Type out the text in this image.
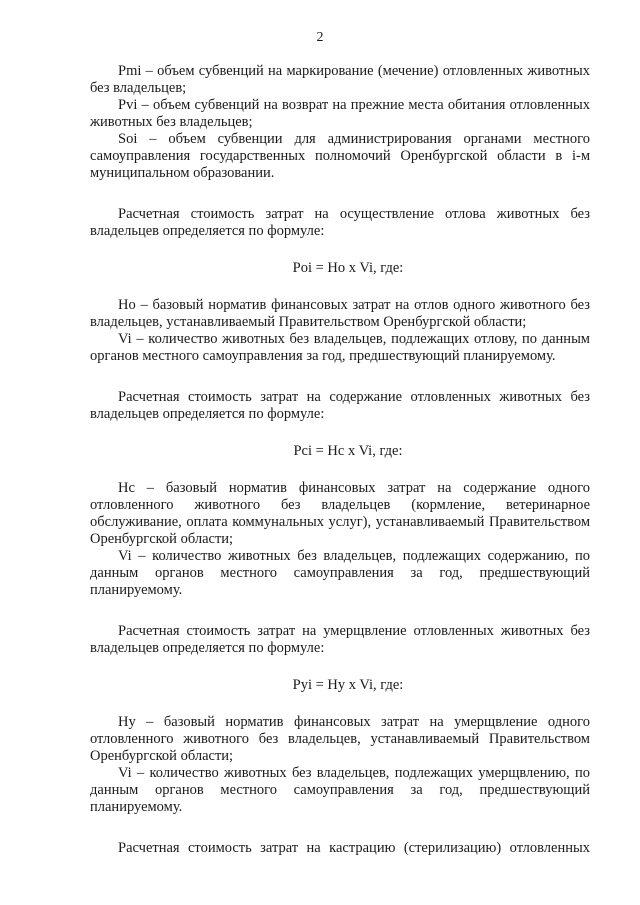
2

Pmi – объем субвенций на маркирование (мечение) отловленных животных без владельцев;

Pvi – объем субвенций на возврат на прежние места обитания отловленных животных без владельцев;

Soi – объем субвенции для администрирования органами местного самоуправления государственных полномочий Оренбургской области в i-м муниципальном образовании.

Расчетная стоимость затрат на осуществление отлова животных без владельцев определяется по формуле:

Poi = Ho x Vi, где:

Ho – базовый норматив финансовых затрат на отлов одного животного без владельцев, устанавливаемый Правительством Оренбургской области;

Vi – количество животных без владельцев, подлежащих отлову, по данным органов местного самоуправления за год, предшествующий планируемому.

Расчетная стоимость затрат на содержание отловленных животных без владельцев определяется по формуле:

Pci = Hc x Vi, где:

Hc – базовый норматив финансовых затрат на содержание одного отловленного животного без владельцев (кормление, ветеринарное обслуживание, оплата коммунальных услуг), устанавливаемый Правительством Оренбургской области;

Vi – количество животных без владельцев, подлежащих содержанию, по данным органов местного самоуправления за год, предшествующий планируемому.

Расчетная стоимость затрат на умерщвление отловленных животных без владельцев определяется по формуле:

Pyi = Hy x Vi, где:

Hy – базовый норматив финансовых затрат на умерщвление одного отловленного животного без владельцев, устанавливаемый Правительством Оренбургской области;

Vi – количество животных без владельцев, подлежащих умерщвлению, по данным органов местного самоуправления за год, предшествующий планируемому.

Расчетная стоимость затрат на кастрацию (стерилизацию) отловленных
